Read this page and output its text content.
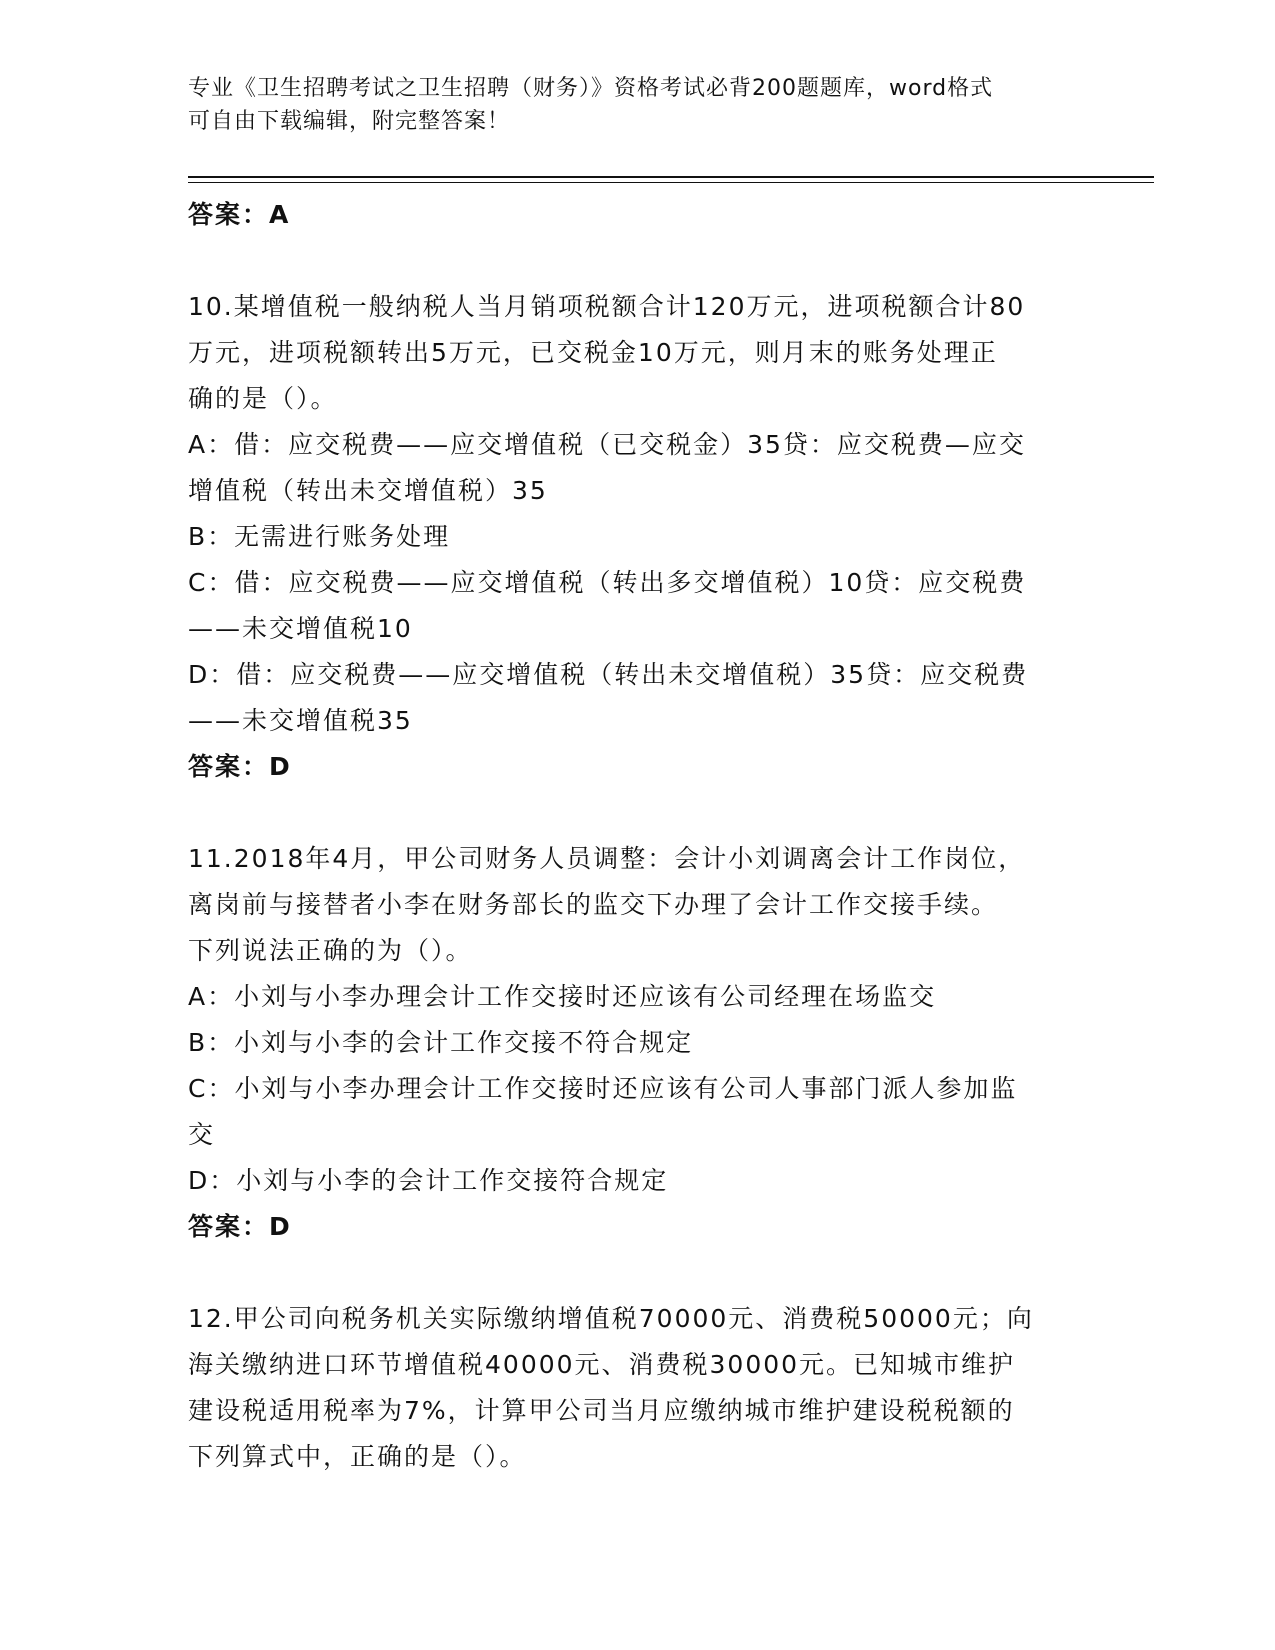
专业《卫生招聘考试之卫生招聘（财务）》资格考试必背200题题库，word格式
可自由下载编辑，附完整答案！
答案：A
10.某增值税一般纳税人当月销项税额合计120万元，进项税额合计80
万元，进项税额转出5万元，已交税金10万元，则月末的账务处理正
确的是（）。
A：借：应交税费——应交增值税（已交税金）35贷：应交税费—应交
增值税（转出未交增值税）35
B：无需进行账务处理
C：借：应交税费——应交增值税（转出多交增值税）10贷：应交税费
——未交增值税10
D：借：应交税费——应交增值税（转出未交增值税）35贷：应交税费
——未交增值税35
答案：D
11.2018年4月，甲公司财务人员调整：会计小刘调离会计工作岗位，
离岗前与接替者小李在财务部长的监交下办理了会计工作交接手续。
下列说法正确的为（）。
A：小刘与小李办理会计工作交接时还应该有公司经理在场监交
B：小刘与小李的会计工作交接不符合规定
C：小刘与小李办理会计工作交接时还应该有公司人事部门派人参加监
交
D：小刘与小李的会计工作交接符合规定
答案：D
12.甲公司向税务机关实际缴纳增值税70000元、消费税50000元；向
海关缴纳进口环节增值税40000元、消费税30000元。已知城市维护
建设税适用税率为7%，计算甲公司当月应缴纳城市维护建设税税额的
下列算式中，正确的是（）。
